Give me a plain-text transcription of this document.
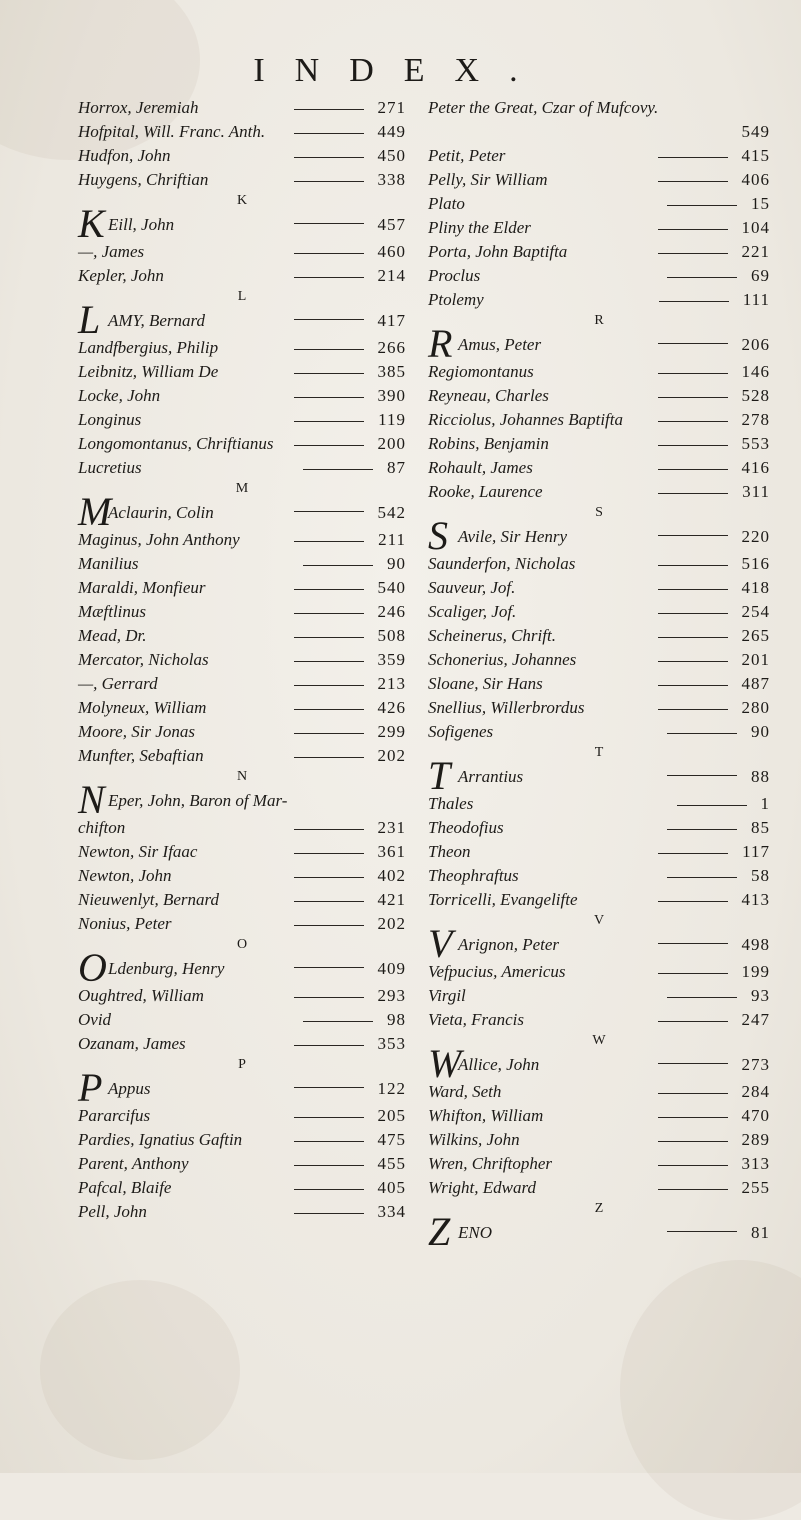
INDEX.
Horrox, Jeremiah	271
Hofpital, Will. Franc. Anth.	449
Hudfon, John	450
Huygens, Chriftian	338
K
K Eill, John	457
—, James	460
Kepler, John	214
L
L AMY, Bernard	417
Landfbergius, Philip	266
Leibnitz, William De	385
Locke, John	390
Longinus	119
Longomontanus, Chriftianus	200
Lucretius	87
M
M
Aclaurin, Colin	542
Maginus, John Anthony	211
Manilius	90
Maraldi, Monfieur	540
Mæftlinus	246
Mead, Dr.	508
Mercator, Nicholas	359
—, Gerrard	213
Molyneux, William	426
Moore, Sir Jonas	299
Munfter, Sebaftian	202
N
N Eper, John, Baron of Mar-
chifton	231
Newton, Sir Ifaac	361
Newton, John	402
Nieuwenlyt, Bernard	421
Nonius, Peter	202
O
O Ldenburg, Henry	409
Oughtred, William	293
Ovid	98
Ozanam, James	353
P
P Appus	122
Pararcifus	205
Pardies, Ignatius Gaftin	475
Parent, Anthony	455
Pafcal, Blaife	405
Pell, John	334
Peter the Great, Czar of Mufcovy.
549
Petit, Peter	415
Pelly, Sir William	406
Plato	15
Pliny the Elder	104
Porta, John Baptifta	221
Proclus	69
Ptolemy	111
R
R Amus, Peter	206
Regiomontanus	146
Reyneau, Charles	528
Ricciolus, Johannes Baptifta	278
Robins, Benjamin	553
Rohault, James	416
Rooke, Laurence	311
S
S Avile, Sir Henry	220
Saunderfon, Nicholas	516
Sauveur, Jof.	418
Scaliger, Jof.	254
Scheinerus, Chrift.	265
Schonerius, Johannes	201
Sloane, Sir Hans	487
Snellius, Willerbrordus	280
Sofigenes	90
T
T Arrantius	88
Thales	1
Theodofius	85
Theon	117
Theophraftus	58
Torricelli, Evangelifte	413
V
V Arignon, Peter	498
Vefpucius, Americus	199
Virgil	93
Vieta, Francis	247
W
W
Allice, John	273
Ward, Seth	284
Whifton, William	470
Wilkins, John	289
Wren, Chriftopher	313
Wright, Edward	255
Z
Z ENO	81
